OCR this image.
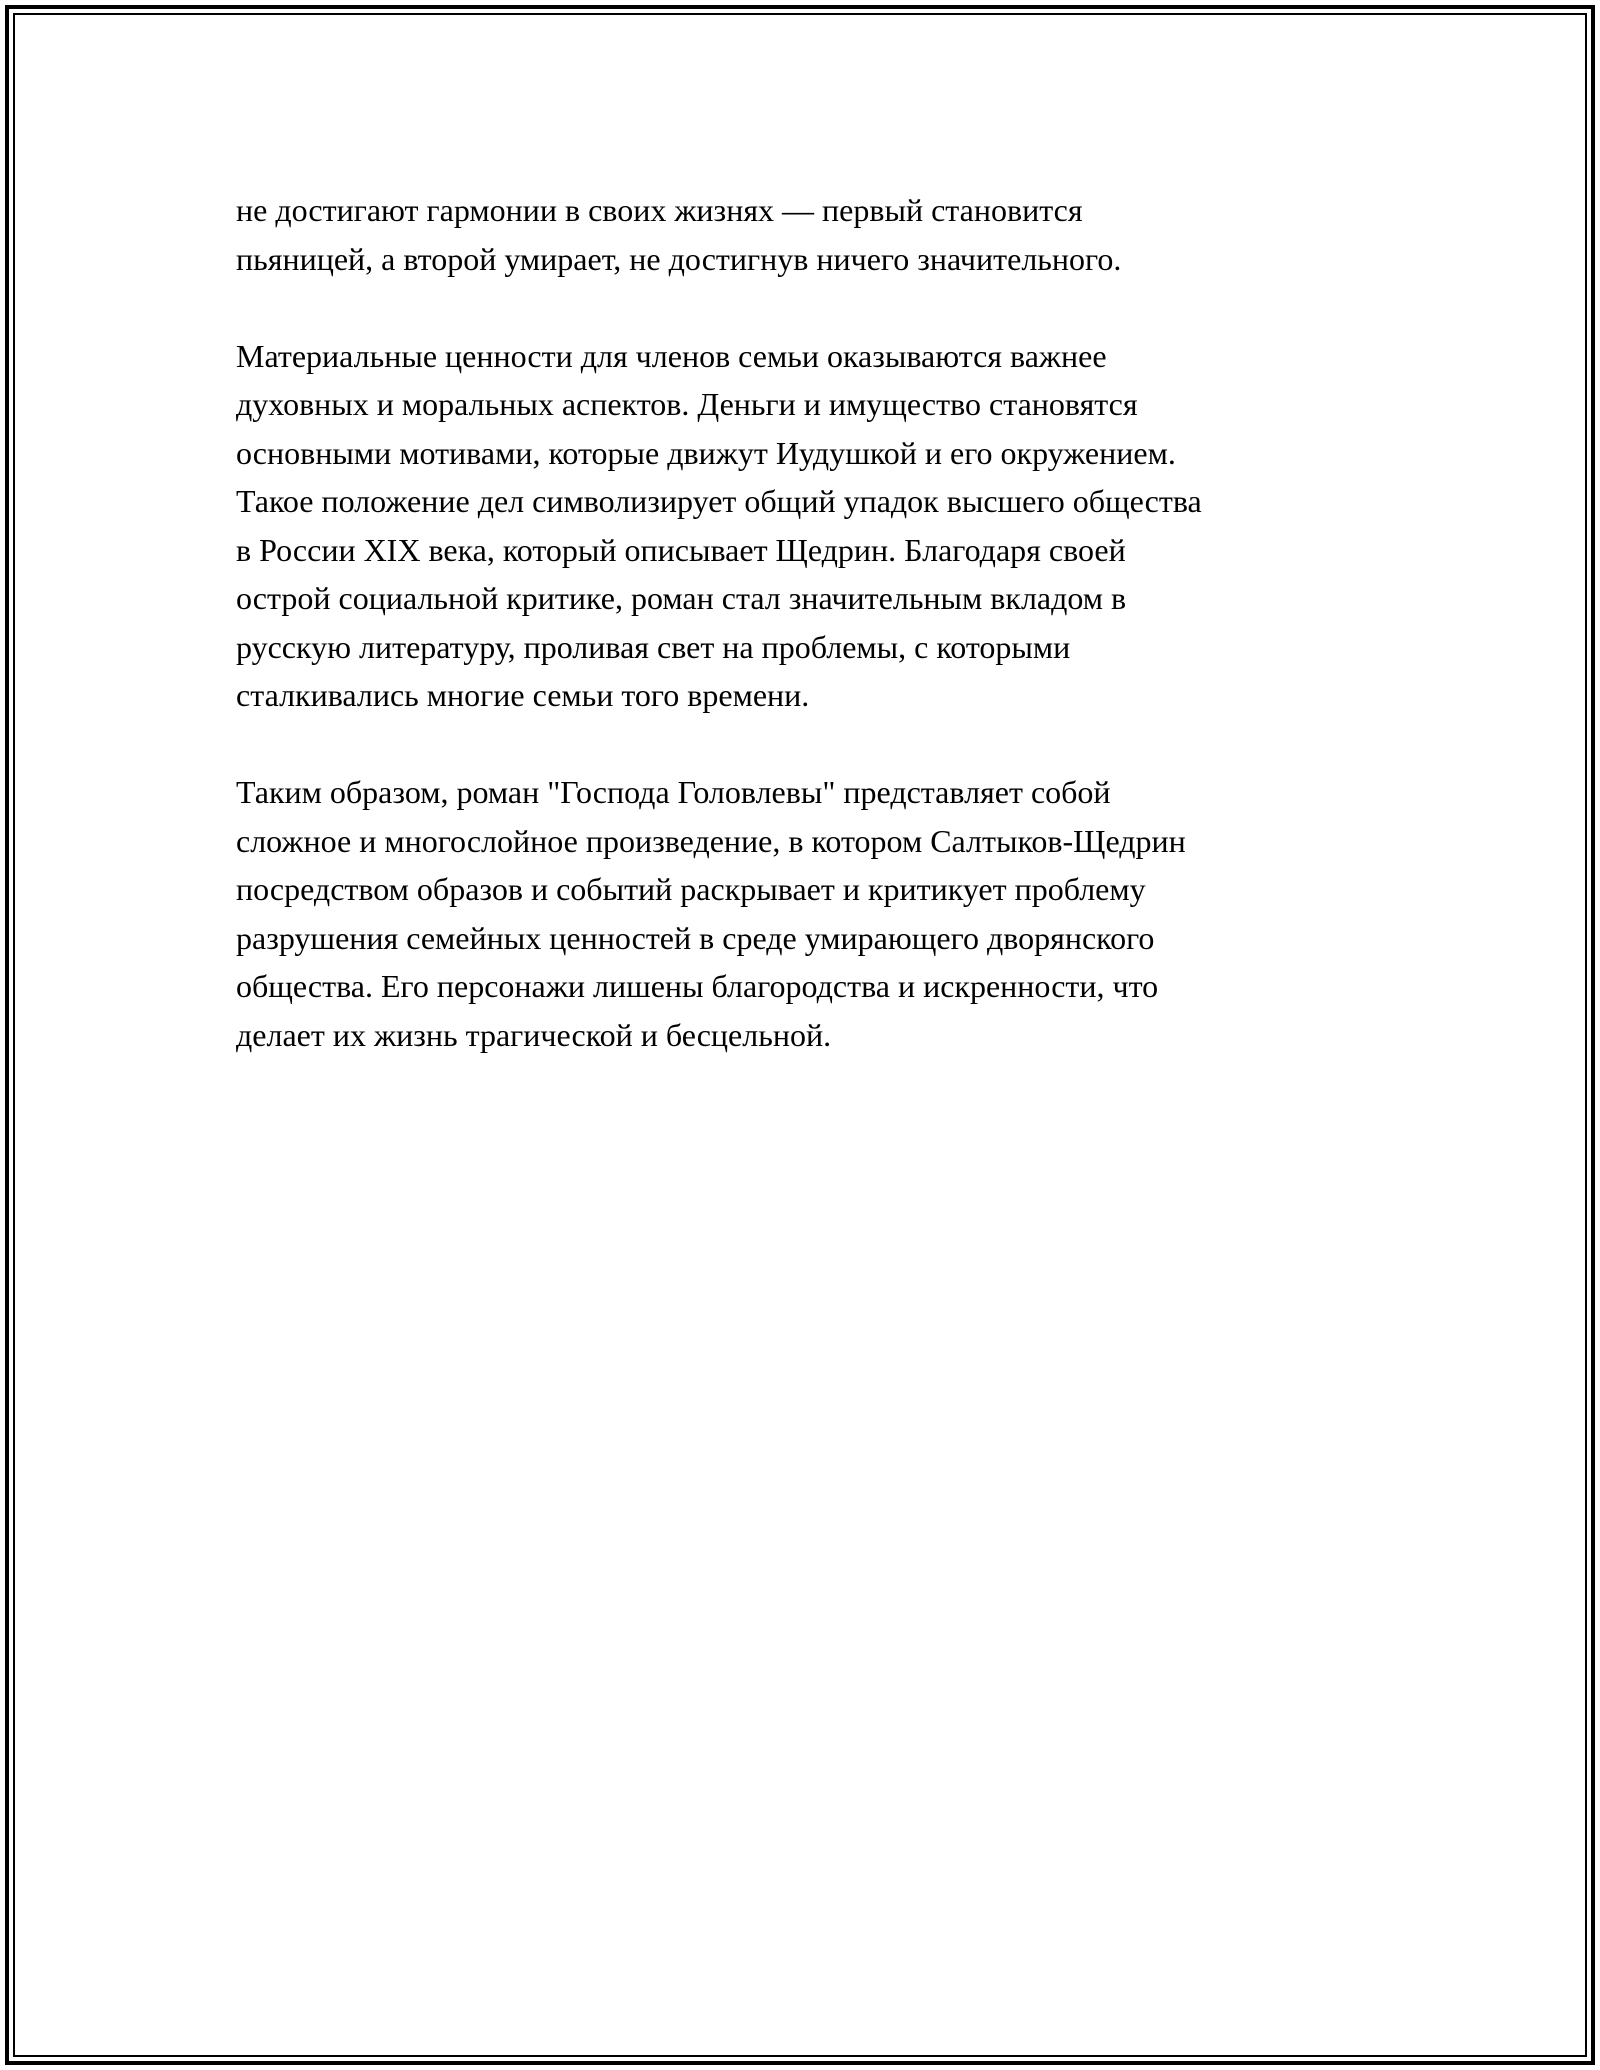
не достигают гармонии в своих жизнях — первый становится
пьяницей, а второй умирает, не достигнув ничего значительного.

Материальные ценности для членов семьи оказываются важнее
духовных и моральных аспектов. Деньги и имущество становятся
основными мотивами, которые движут Иудушкой и его окружением.
Такое положение дел символизирует общий упадок высшего общества
в России XIX века, который описывает Щедрин. Благодаря своей
острой социальной критике, роман стал значительным вкладом в
русскую литературу, проливая свет на проблемы, с которыми
сталкивались многие семьи того времени.

Таким образом, роман "Господа Головлевы" представляет собой
сложное и многослойное произведение, в котором Салтыков-Щедрин
посредством образов и событий раскрывает и критикует проблему
разрушения семейных ценностей в среде умирающего дворянского
общества. Его персонажи лишены благородства и искренности, что
делает их жизнь трагической и бесцельной.
